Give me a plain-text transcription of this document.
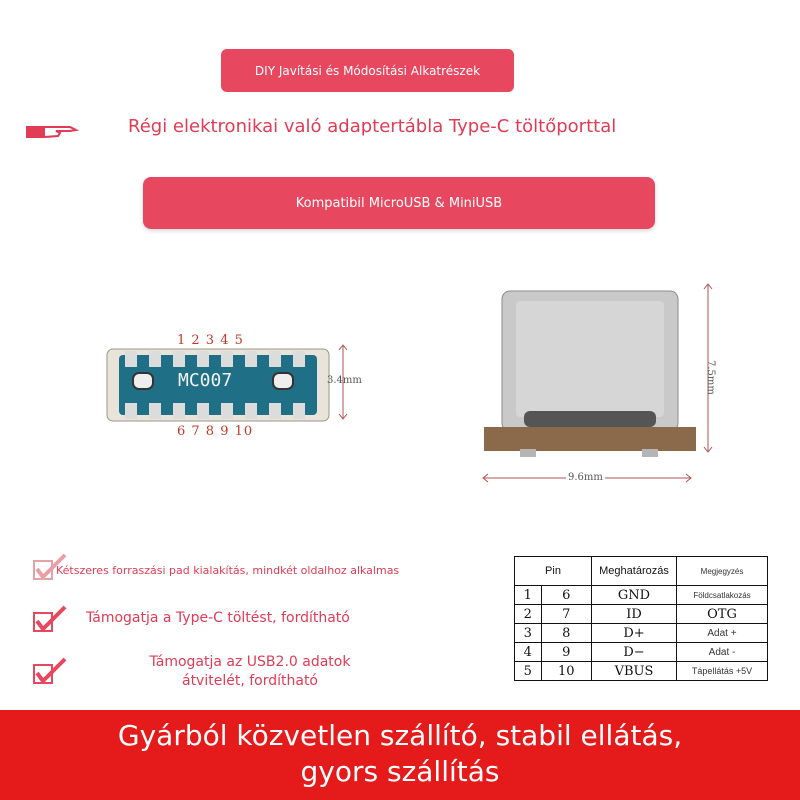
DIY Javítási és Módosítási Alkatrészek
Régi elektronikai való adaptertábla Type-C töltőporttal
Kompatibil MicroUSB & MiniUSB
MC007
1 2 3 4 5
6 7 8 9 10
3.4mm	7.5mm
9.6mm
Kétszeres forraszási pad kialakítás, mindkét oldalhoz alkalmas
Támogatja a Type-C töltést, fordítható
Támogatja az USB2.0 adatok
átvitelét, fordítható
Pin		Meghatározás	Megjegyzés
1	6	GND	Földcsatlakozás
2	7	ID	OTG
3	8	D+	Adat +
4	9	D−	Adat -
5	10	VBUS	Tápellátás +5V
Gyárból közvetlen szállító, stabil ellátás,
gyors szállítás
